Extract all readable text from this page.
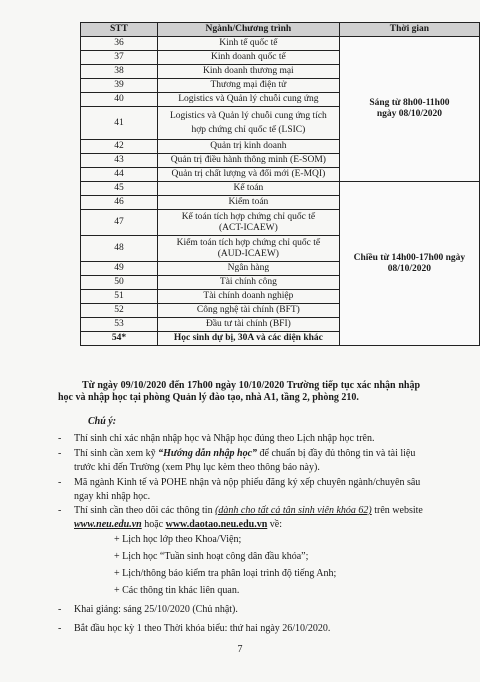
STT	Ngành/Chương trình	Thời gian
36	Kinh tế quốc tế	Sáng từ 8h00-11h00 ngày 08/10/2020
37	Kinh doanh quốc tế	
38	Kinh doanh thương mại	
39	Thương mại điện tử	
40	Logistics và Quản lý chuỗi cung ứng	
41	Logistics và Quản lý chuỗi cung ứng tích hợp chứng chỉ quốc tế (LSIC)	
42	Quản trị kinh doanh	
43	Quản trị điều hành thông minh (E-SOM)	
44	Quản trị chất lượng và đổi mới (E-MQI)	
45	Kế toán	Chiều từ 14h00-17h00 ngày 08/10/2020
46	Kiểm toán	
47	Kế toán tích hợp chứng chỉ quốc tế (ACT-ICAEW)	
48	Kiểm toán tích hợp chứng chỉ quốc tế (AUD-ICAEW)	
49	Ngân hàng	
50	Tài chính công	
51	Tài chính doanh nghiệp	
52	Công nghệ tài chính (BFT)	
53	Đầu tư tài chính (BFI)	
54*	Học sinh dự bị, 30A và các diện khác	
Từ ngày 09/10/2020 đến 17h00 ngày 10/10/2020 Trường tiếp tục xác nhận nhập học và nhập học tại phòng Quản lý đào tạo, nhà A1, tầng 2, phòng 210.
Chú ý:
- Thí sinh chỉ xác nhận nhập học và Nhập học đúng theo Lịch nhập học trên.
- Thí sinh cần xem kỹ “Hướng dẫn nhập học” để chuẩn bị đầy đủ thông tin và tài liệu trước khi đến Trường (xem Phụ lục kèm theo thông báo này).
- Mã ngành Kinh tế và POHE nhận và nộp phiếu đăng ký xếp chuyên ngành/chuyên sâu ngay khi nhập học.
- Thí sinh cần theo dõi các thông tin (dành cho tất cả tân sinh viên khóa 62) trên website www.neu.edu.vn hoặc www.daotao.neu.edu.vn về:
+ Lịch học lớp theo Khoa/Viện;
+ Lịch học “Tuần sinh hoạt công dân đầu khóa”;
+ Lịch/thông báo kiểm tra phân loại trình độ tiếng Anh;
+ Các thông tin khác liên quan.
- Khai giảng: sáng 25/10/2020 (Chủ nhật).
- Bắt đầu học kỳ 1 theo Thời khóa biểu: thứ hai ngày 26/10/2020.
7
